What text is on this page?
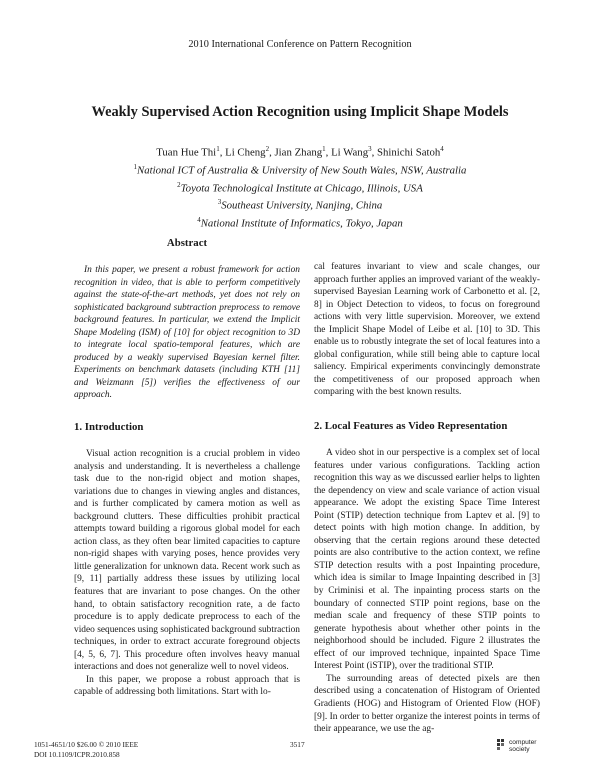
2010 International Conference on Pattern Recognition
Weakly Supervised Action Recognition using Implicit Shape Models
Tuan Hue Thi$^1$, Li Cheng$^2$, Jian Zhang$^1$, Li Wang$^3$, Shinichi Satoh$^4$
$^1$National ICT of Australia & University of New South Wales, NSW, Australia
$^2$Toyota Technological Institute at Chicago, Illinois, USA
$^3$Southeast University, Nanjing, China
$^4$National Institute of Informatics, Tokyo, Japan
Abstract

In this paper, we present a robust framework for action recognition in video, that is able to perform competitively against the state-of-the-art methods, yet does not rely on sophisticated background subtraction preprocess to remove background features. In particular, we extend the Implicit Shape Modeling (ISM) of [10] for object recognition to 3D to integrate local spatio-temporal features, which are produced by a weakly supervised Bayesian kernel filter. Experiments on benchmark datasets (including KTH [11] and Weizmann [5]) verifies the effectiveness of our approach.

1. Introduction

Visual action recognition is a crucial problem in video analysis and understanding. It is nevertheless a challenge task due to the non-rigid object and motion shapes, variations due to changes in viewing angles and distances, and is further complicated by camera motion as well as background clutters. These difficulties prohibit practical attempts toward building a rigorous global model for each action class, as they often bear limited capacities to capture non-rigid shapes with varying poses, hence provides very little generalization for unknown data. Recent work such as [9, 11] partially address these issues by utilizing local features that are invariant to pose changes. On the other hand, to obtain satisfactory recognition rate, a de facto procedure is to apply dedicate preprocess to each of the video sequences using sophisticated background subtraction techniques, in order to extract accurate foreground objects [4, 5, 6, 7]. This procedure often involves heavy manual interactions and does not generalize well to novel videos.

In this paper, we propose a robust approach that is capable of addressing both limitations. Start with lo-

cal features invariant to view and scale changes, our approach further applies an improved variant of the weakly-supervised Bayesian Learning work of Carbonetto et al. [2, 8] in Object Detection to videos, to focus on foreground actions with very little supervision. Moreover, we extend the Implicit Shape Model of Leibe et al. [10] to 3D. This enable us to robustly integrate the set of local features into a global configuration, while still being able to capture local saliency. Empirical experiments convincingly demonstrate the competitiveness of our proposed approach when comparing with the best known results.

2. Local Features as Video Representation

A video shot in our perspective is a complex set of local features under various configurations. Tackling action recognition this way as we discussed earlier helps to lighten the dependency on view and scale variance of action visual appearance. We adopt the existing Space Time Interest Point (STIP) detection technique from Laptev et al. [9] to detect points with high motion change. In addition, by observing that the certain regions around these detected points are also contributive to the action context, we refine STIP detection results with a post Inpainting procedure, which idea is similar to Image Inpainting described in [3] by Criminisi et al. The inpainting process starts on the boundary of connected STIP point regions, base on the median scale and frequency of these STIP points to generate hypothesis about whether other points in the neighborhood should be included. Figure 2 illustrates the effect of our improved technique, inpainted Space Time Interest Point (iSTIP), over the traditional STIP.

The surrounding areas of detected pixels are then described using a concatenation of Histogram of Oriented Gradients (HOG) and Histogram of Oriented Flow (HOF) [9]. In order to better organize the interest points in terms of their appearance, we use the ag-

1051-4651/10 $26.00 © 2010 IEEE
DOI 10.1109/ICPR.2010.858
3517	computer
society
